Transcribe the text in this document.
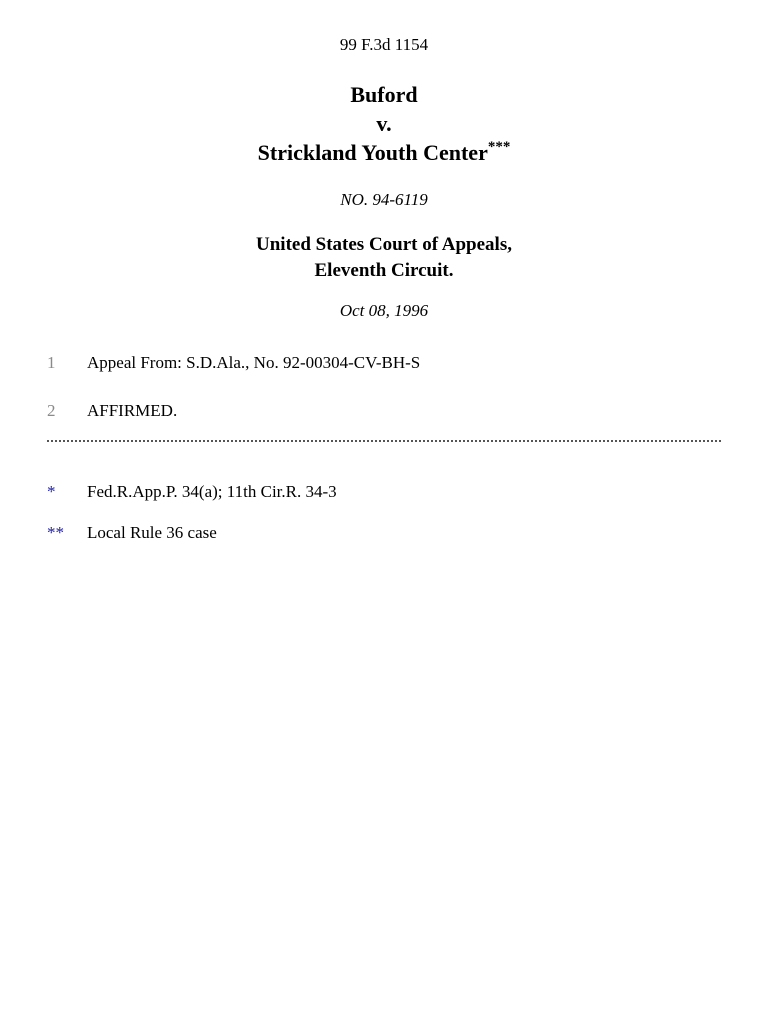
99 F.3d 1154
Buford
v.
Strickland Youth Center***
NO. 94-6119
United States Court of Appeals,
Eleventh Circuit.
Oct 08, 1996
1 Appeal From: S.D.Ala., No. 92-00304-CV-BH-S
2 AFFIRMED.
* Fed.R.App.P. 34(a); 11th Cir.R. 34-3
** Local Rule 36 case
